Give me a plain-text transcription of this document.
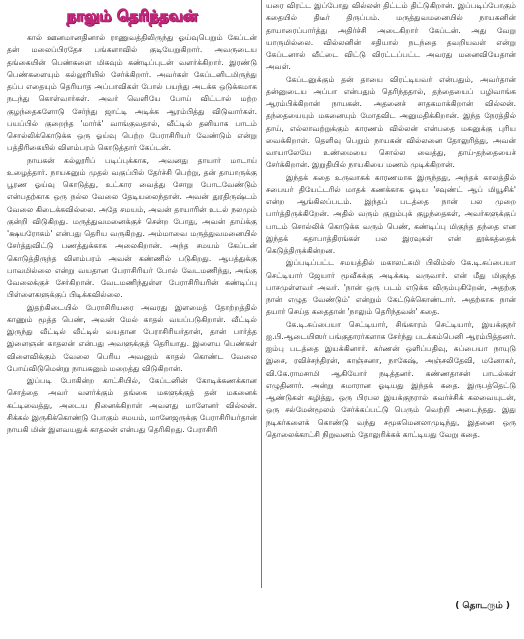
நாலும் தெரிந்தவன்

கால் ஊனமானதினால் ராணுவத்திலிருந்து ஓய்வுபெறும் கேப்டன் தன் மலைப்பிரதேச பங்களாவில் குடியேறுகிறார். அவருடைய தங்கையின் பெண்களை மிகவும் கண்டிப்புடன் வளர்க்கிறார். இரண்டு பெண்களையும் கல்லூரியில் சேர்க்கிறார். அவர்கள் கேப்டனிடமிருந்து தப்ப எதையும் தெரியாத அப்பாவிகள் போல் பயந்து அடக்க ஒடுக்கமாக நடந்து கொள்வார்கள். அவர் வெளியே போய் விட்டால் மற்ற குழந்தைகளோடு சேர்ந்து ஜாட்டி அடிக்க ஆரம்பித்து விடுவார்கள். பயப்பில் குறைந்த 'மார்க்' வாங்குவதால், வீட்டில் தனியாக பாடம் சொல்லிக்கொடுக்க ஒரு ஓய்வு பெற்ற பேராசிரியர் வேண்டும் என்று பத்திரிகையில் விளம்பரம் கொடுத்தார் கேப்டன்.

நாயகன் கல்லூரிப் படிப்புக்காக, அவனது தாயார் மாடாய் உழைத்தார். நாயகனும் முதல் வகுப்பில் தேர்ச்சி பெற்று, தன் தாயாருக்கு பூரண ஓய்வு கொடுத்து, உட்கார வைத்து சோறு போடவேண்டும் என்பதற்காக ஒரு நல்ல வேலை தேடியலைந்தான். அவன் துரதிருஷ்டம் வேலை கிடைக்கவில்லை. அதே சமயம், அவன் தாயாரின் உடல் நலமும் குன்றி விடுகிறது. மருத்துவமனைக்குச் சென்ற போது, அவன் தாய்க்கு 'க்ஷயரோகம்' என்பது தெரிய வருகிறது. அம்மாவை மருத்துவமனையில் சேர்த்துவிட்டு பணத்துக்காக அலைகிறான். அந்த சமயம் கேப்டன் கொடுத்திருந்த விளம்பரம் அவன் கண்ணில் படுகிறது. ஆபத்துக்கு பாவமில்லை என்று வயதான பேராசிரியர் போல் வேடமணிந்து, அங்கு வேலைக்குச் சேர்கிறான். வேடமணிந்துள்ள பேராசிரியரின் கண்டிப்பு பிள்ளைகளுக்குப் பிடிக்கவில்லை.

இதற்கிடையில் பேராசிரியரை அவரது இளமைத் தோற்றத்தில் காணும் மூத்த பெண், அவன் மேல் காதல் வயப்படுகிறாள். வீட்டில் இருந்து வீட்டில் வீட்டில் வயதான பேராசிரியர்தான், தான் பார்த்த இளைஞன் காதலன் என்பது அவளுக்குத் தெரியாது. இளைய பெண்கள் விளைவிக்கும் வேலை பெரிய அவனும் காதல் கொண்ட வேலை போய்விடுமென்று நாயகனும் மறைத்து விடுகிறான்.

இப்படி போகின்ற காட்சியில், கேப்டனின் கோடிக்கணக்கான சொத்தை அவர் வளர்க்கும் தங்கை மகளுக்குத் தன் மகனைக் கட்டிவைத்து, அடைய நினைக்கிறாள் அவளது மாளேனர் வில்லன். சிக்கல் இருகிக்கொண்டு போகும் சமயம், மானேஜருக்கு பேராசிரியர்தான் நாயகி மின் இளவயதுக் காதலன் என்பது தெரிகிறது. பேராசிரி

யரை விரட்ட இப்போது வில்லன் திட்டம் திட்டுகிறான். இப்படிப்போகும் கதையில் திடீர் திருப்பம். மருத்துவமனையில் நாயகனின் தாயாரைப்பார்த்து அதிர்ச்சி அடைகிறார் கேப்டன். அது வேறு யாருமில்லை. வில்லனின் சதியால் நடந்தை தவறியவள் என்று கேப்டனால் வீட்டை விட்டு விரட்டப்பட்ட அவரது மனைவியேதான் அவள்.

கேப்டனுக்கும் தன் தாயை விரட்டியவர் என்பதும், அவர்தான் தன்னுடைய அப்பா என்பதும் தெரிந்ததால், தந்தையைப் பழிவாங்க ஆரம்பிக்கிறான் நாயகன். அதனைச் சாதகமாக்கிறான் வில்லன். தந்தையையும் மகனையும் மோதவிட அனுமதிக்கிறான். இந்த நேரத்தில் தாய், எல்லாவற்றுக்கும் காரணம் வில்லன் என்பதை மகனுக்கு புரிய வைக்கிறாள். தெளிவு பெறும் நாயகன் வில்லனை தோலுரித்து, அவன் வாயாலேயே உண்மையை சொல்ல வைத்து, தாய்-தந்தையைச் சேர்க்கிறான். இறுதியில் நாயகியை மணம் முடிக்கிறான்.

இந்தக் கதை உருவாகக் காரணமாக இருந்தது, அந்தக் காலத்தில் சபையர் தியேட்டரில் மாதக் கணக்காக ஓடிய 'சவுண்ட் ஆப் மியூசிக்' என்ற ஆங்கிலப்படம். இந்தப் படத்தை நான் பல முறை பார்த்திருக்கிறேன். அதில் வரும் குறும்புக் குழந்தைகள், அவர்களுக்குப் பாடம் சொல்லிக் கொடுக்க வரும் பெண், கண்டிப்பு மிகுந்த தந்தை என இந்தக் கதாபாத்திரங்கள் பல இரவுகள் என் தூக்கத்தைக் கெடுத்திருக்கின்றன.

இப்படிப்பட்ட சமயத்தில் மகாலட்சுமி பிலிம்ஸ் கே.டி.சுப்பையா செட்டியார் ஜேயார் மூவீசுக்கு அடிக்கடி வருவார். என் மீது மிகுந்த பாசமுள்ளவர் அவர். 'நான் ஒரு படம் எடுக்க விரும்புகிறேன், அதற்கு நான் எழுத வேண்டும்' என்றும் கேட்டுக்கொண்டார். அதற்காக நான் தயார் செய்த கதைதான் 'நாலும் தெரிந்தவன்' கதை.

கே.டி.சுப்பையா செட்டியார், சிங்காரம் செட்டியார், இயக்குநர் ஐ.பி.ஆடையிஸர் பங்குதாரர்களாக சேர்ந்து படக்கம்பெனி ஆரம்பித்தனர். ஐம்பு படத்தை இயக்கினார். கர்ணன் ஒளிப்பதிவு, சுப்பையா நாயுடு இசை, ரவிச்சந்திரன், காஞ்சனா, நாகேஷ், அஞ்சலிதேவி, மனோகர், வி.கே.ராமசாமி ஆகியோர் நடித்தனர். கண்ணதாசன் பாடல்கள் எழுதினார். அன்று சுமாரான ஓடியது இந்தக் கதை. இருபத்தெட்டு ஆண்டுகள் கழித்து, ஒரு பிரபல இயக்குநரால் கவர்ச்சிக் கலவையுடன், ஒரு சல்மேன்மூலம் சேர்க்கப்பட்டு பெரும் வெற்றி அடைந்தது. இது நடிகர்களைக் கொண்டு வந்து சமூகமெனலாமுடிந்து, இதனை ஒரு தொலைக்காட்சி நிறுவனம் தோலுரிக்கக் காட்டியது வேறு கதை.

( தொடரும் )
